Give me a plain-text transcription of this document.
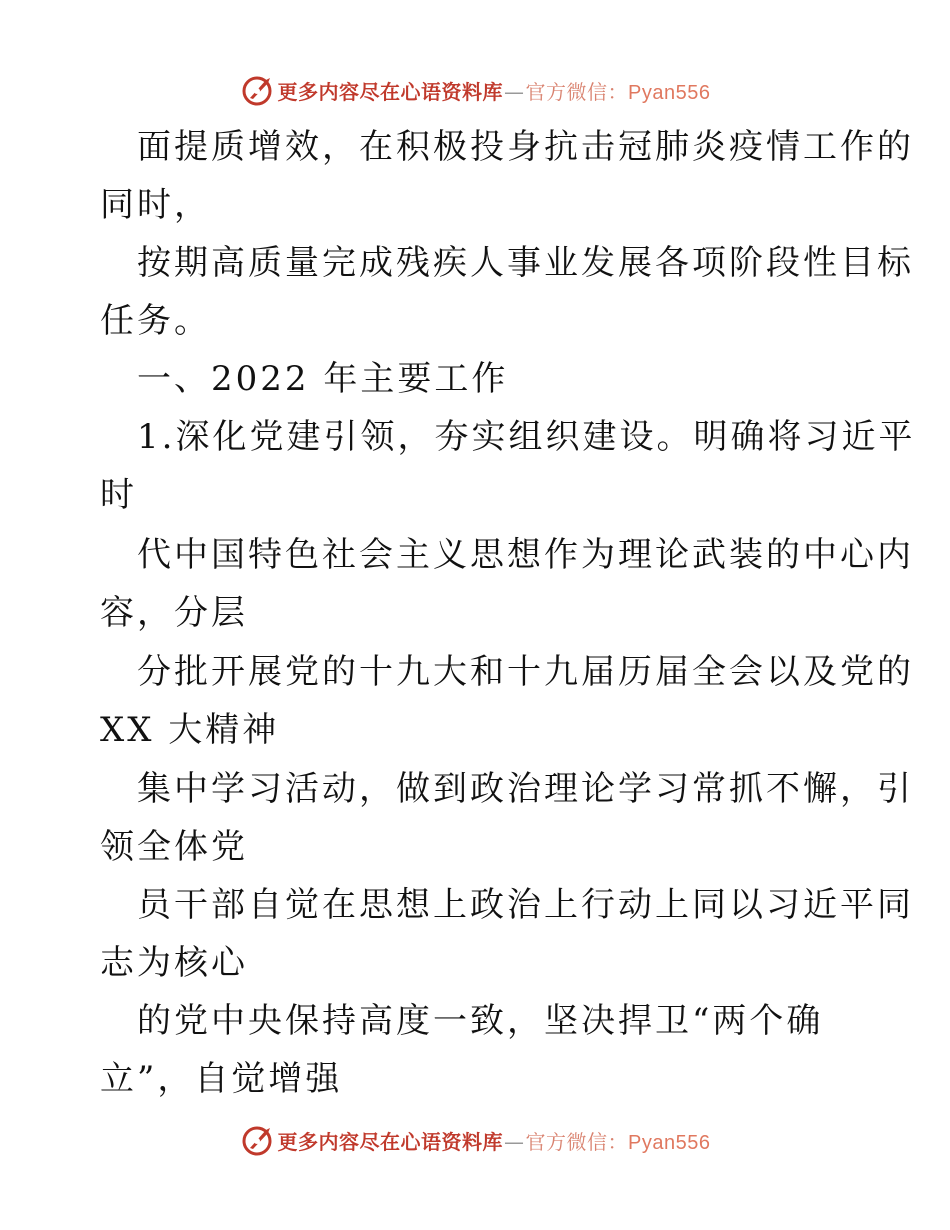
更多内容尽在心语资料库—官方微信：Pyan556
面提质增效，在积极投身抗击冠肺炎疫情工作的
同时，
按期高质量完成残疾人事业发展各项阶段性目标
任务。
一、2022 年主要工作
1.深化党建引领，夯实组织建设。明确将习近平
时
代中国特色社会主义思想作为理论武装的中心内
容，分层
分批开展党的十九大和十九届历届全会以及党的
XX 大精神
集中学习活动，做到政治理论学习常抓不懈，引
领全体党
员干部自觉在思想上政治上行动上同以习近平同
志为核心
的党中央保持高度一致，坚决捍卫“两个确
立”，自觉增强
更多内容尽在心语资料库—官方微信：Pyan556
